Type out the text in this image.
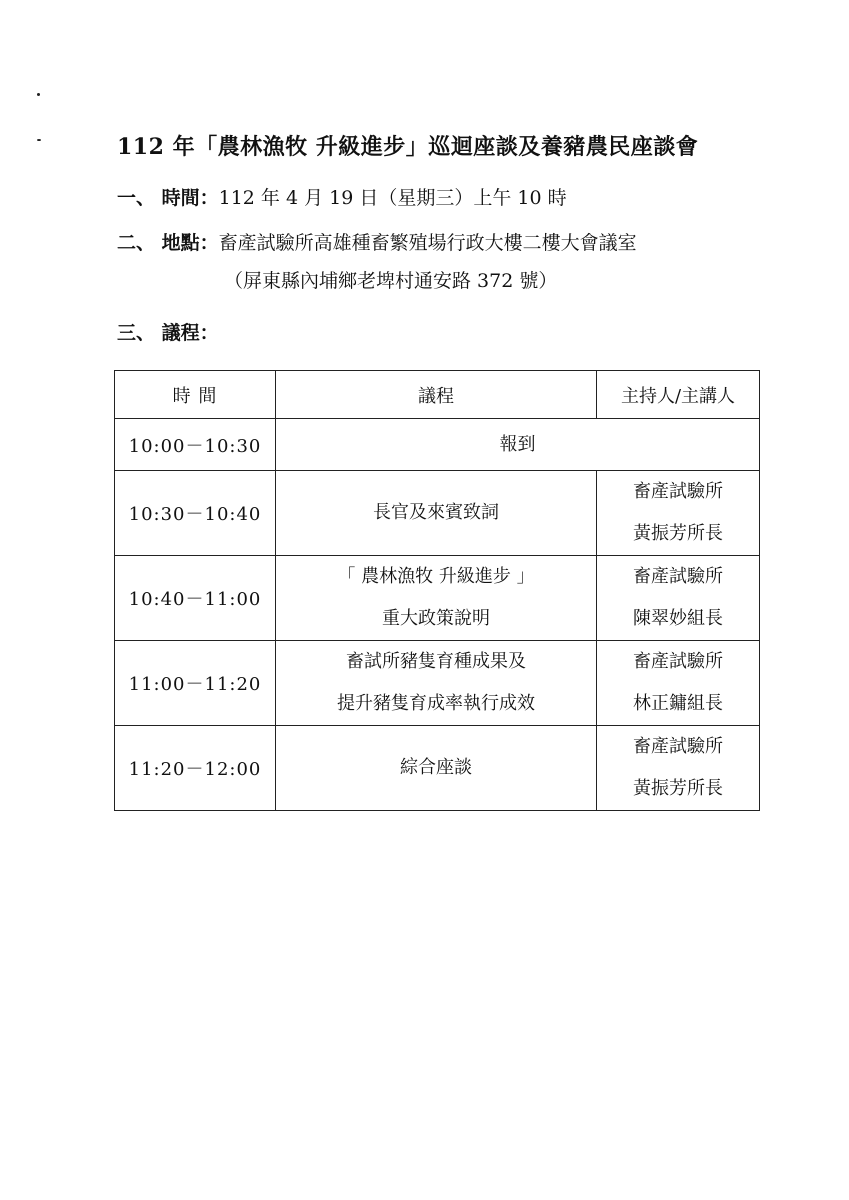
112 年「農林漁牧 升級進步」巡迴座談及養豬農民座談會
一、 時間：112 年 4 月 19 日（星期三）上午 10 時
二、 地點：畜產試驗所高雄種畜繁殖場行政大樓二樓大會議室
（屏東縣內埔鄉老埤村通安路 372 號）
三、 議程：
時 間	議程	主持人/主講人
10:00－10:30	報到	

10:30－10:40	長官及來賓致詞	畜產試驗所
黃振芳所長

10:40－11:00	「 農林漁牧 升級進步 」
重大政策說明	畜產試驗所
陳翠妙組長

11:00－11:20	畜試所豬隻育種成果及
提升豬隻育成率執行成效	畜產試驗所
林正鏞組長

11:20－12:00	綜合座談	畜產試驗所
黃振芳所長
